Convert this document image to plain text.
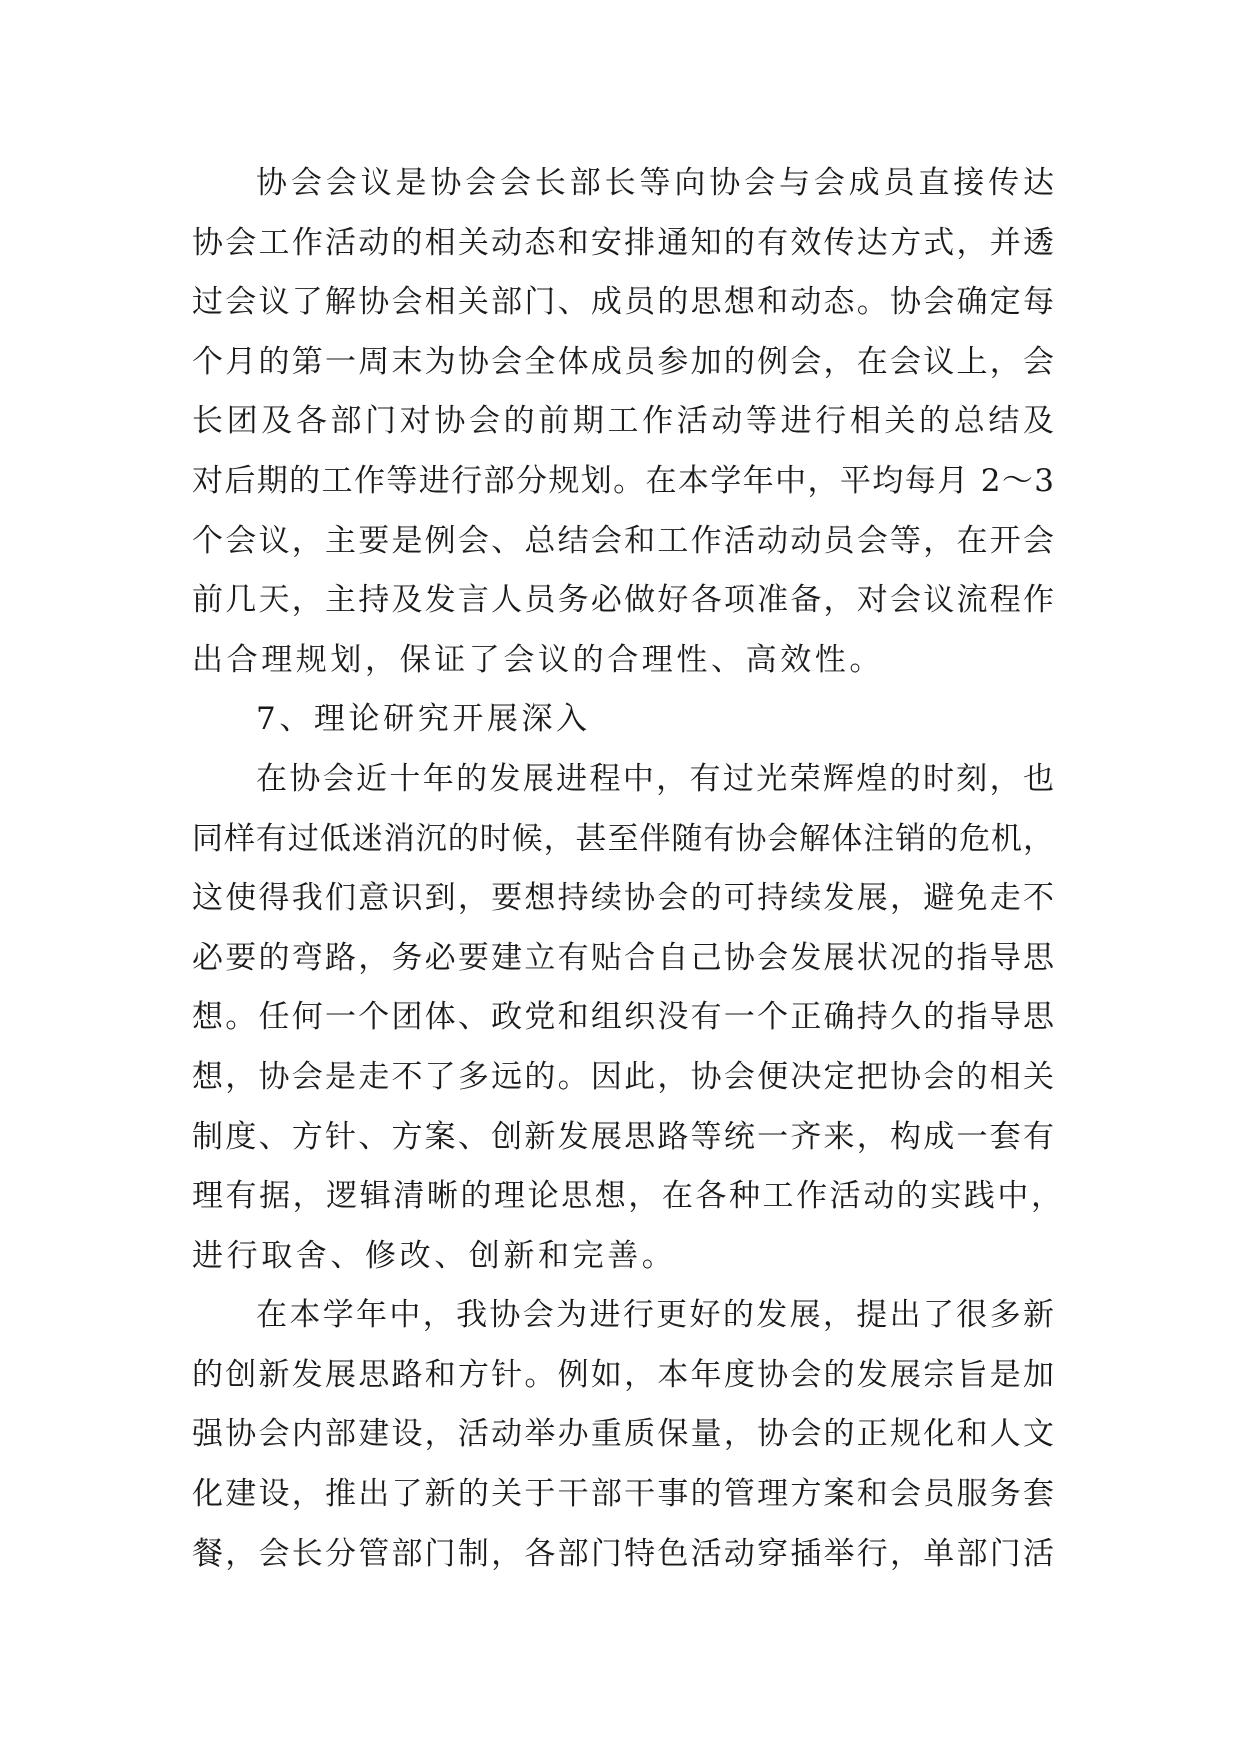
协会会议是协会会长部长等向协会与会成员直接传达
协会工作活动的相关动态和安排通知的有效传达方式，并透
过会议了解协会相关部门、成员的思想和动态。协会确定每
个月的第一周末为协会全体成员参加的例会，在会议上，会
长团及各部门对协会的前期工作活动等进行相关的总结及
对后期的工作等进行部分规划。在本学年中，平均每月 2～3
个会议，主要是例会、总结会和工作活动动员会等，在开会
前几天，主持及发言人员务必做好各项准备，对会议流程作
出合理规划，保证了会议的合理性、高效性。
7、理论研究开展深入
在协会近十年的发展进程中，有过光荣辉煌的时刻，也
同样有过低迷消沉的时候，甚至伴随有协会解体注销的危机，
这使得我们意识到，要想持续协会的可持续发展，避免走不
必要的弯路，务必要建立有贴合自己协会发展状况的指导思
想。任何一个团体、政党和组织没有一个正确持久的指导思
想，协会是走不了多远的。因此，协会便决定把协会的相关
制度、方针、方案、创新发展思路等统一齐来，构成一套有
理有据，逻辑清晰的理论思想，在各种工作活动的实践中，
进行取舍、修改、创新和完善。
在本学年中，我协会为进行更好的发展，提出了很多新
的创新发展思路和方针。例如，本年度协会的发展宗旨是加
强协会内部建设，活动举办重质保量，协会的正规化和人文
化建设，推出了新的关于干部干事的管理方案和会员服务套
餐，会长分管部门制，各部门特色活动穿插举行，单部门活
